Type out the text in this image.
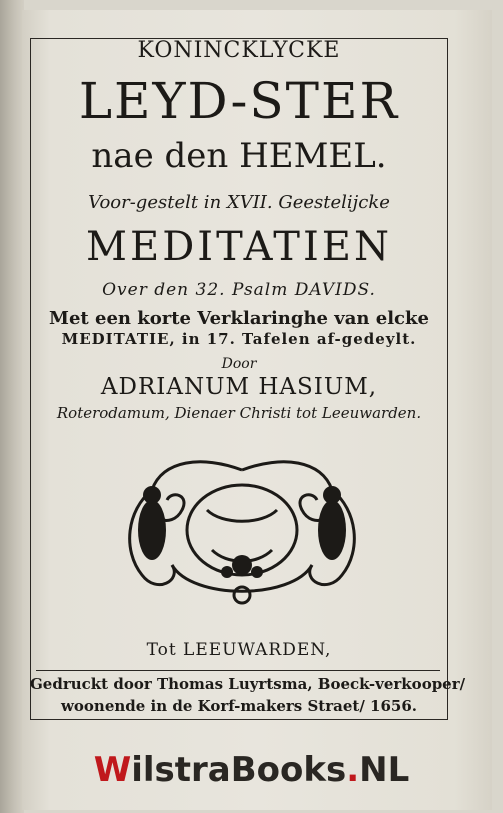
KONINCKLYCKE
LEYD-STER
nae den HEMEL.
Voor-gestelt in XVII. Geestelijcke
MEDITATIEN
Over den 32. Psalm DAVIDS.
Met een korte Verklaringhe van elcke
MEDITATIE, in 17. Tafelen af-gedeylt.
Door
ADRIANUM HASIUM,
Roterodamum, Dienaer Christi tot Leeuwarden.
Tot LEEUWARDEN,
Gedruckt door Thomas Luyrtsma, Boeck-verkooper/
woonende in de Korf-makers Straet/ 1656.
WilstraBooks.NL
